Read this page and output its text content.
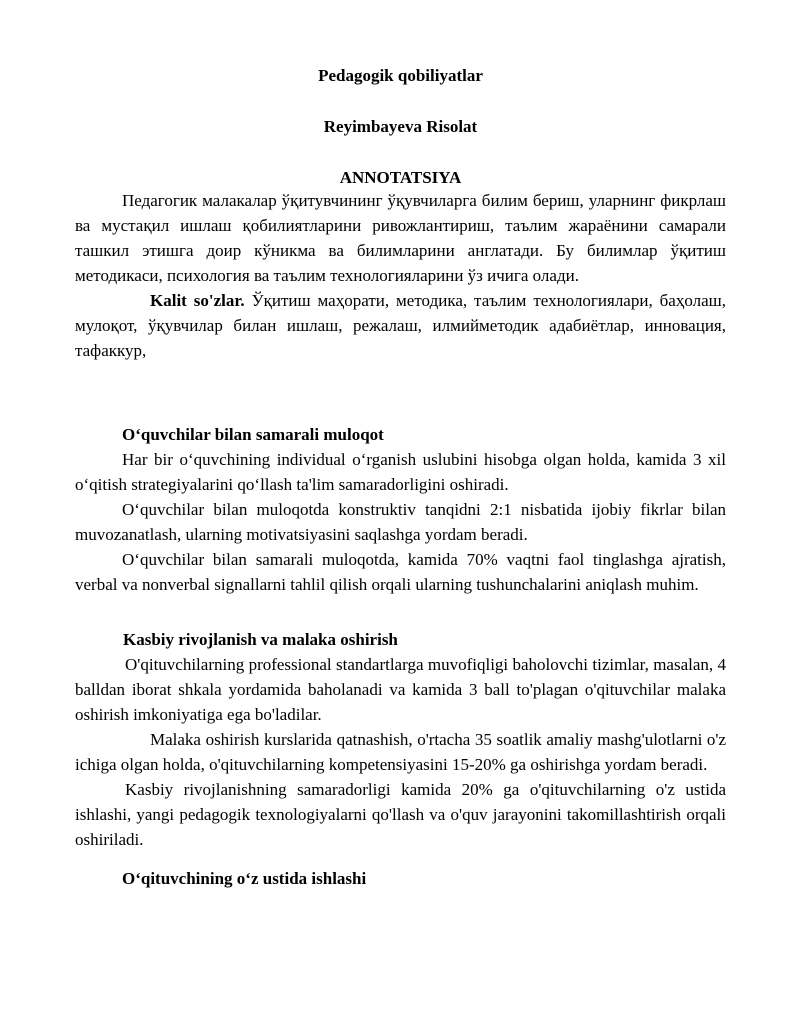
Pedagogik qobiliyatlar
Reyimbayeva Risolat
ANNOTATSIYA

Педагогик малакалар ўқитувчининг ўқувчиларга билим бериш, уларнинг фикрлаш ва мустақил ишлаш қобилиятларини ривожлантириш, таълим жараёнини самарали ташкил этишга доир кўникма ва билимларини англатади. Бу билимлар ўқитиш методикаси, психология ва таълим технологияларини ўз ичига олади.

Kalit so'zlar. Ўқитиш маҳорати, методика, таълим технологиялари, баҳолаш, мулоқот, ўқувчилар билан ишлаш, режалаш, илмийметодик адабиётлар, инновация, тафаккур,

O‘quvchilar bilan samarali muloqot

Har bir o‘quvchining individual o‘rganish uslubini hisobga olgan holda, kamida 3 xil o‘qitish strategiyalarini qo‘llash ta'lim samaradorligini oshiradi.

O‘quvchilar bilan muloqotda konstruktiv tanqidni 2:1 nisbatida ijobiy fikrlar bilan muvozanatlash, ularning motivatsiyasini saqlashga yordam beradi.

O‘quvchilar bilan samarali muloqotda, kamida 70% vaqtni faol tinglashga ajratish, verbal va nonverbal signallarni tahlil qilish orqali ularning tushunchalarini aniqlash muhim.

Kasbiy rivojlanish va malaka oshirish

O'qituvchilarning professional standartlarga muvofiqligi baholovchi tizimlar, masalan, 4 balldan iborat shkala yordamida baholanadi va kamida 3 ball to'plagan o'qituvchilar malaka oshirish imkoniyatiga ega bo'ladilar.

Malaka oshirish kurslarida qatnashish, o'rtacha 35 soatlik amaliy mashg'ulotlarni o'z ichiga olgan holda, o'qituvchilarning kompetensiyasini 15-20% ga oshirishga yordam beradi.

Kasbiy rivojlanishning samaradorligi kamida 20% ga o'qituvchilarning o'z ustida ishlashi, yangi pedagogik texnologiyalarni qo'llash va o'quv jarayonini takomillashtirish orqali oshiriladi.

O‘qituvchining o‘z ustida ishlashi
